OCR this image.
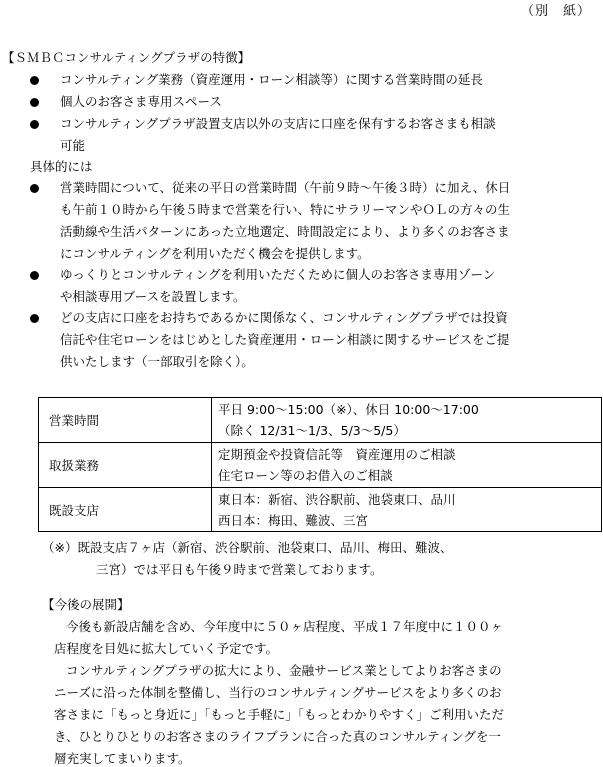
（別　紙）
【ＳＭＢＣコンサルティングプラザの特徴】
コンサルティング業務（資産運用・ローン相談等）に関する営業時間の延長
個人のお客さま専用スペース
コンサルティングプラザ設置支店以外の支店に口座を保有するお客さまも相談
可能
具体的には
営業時間について、従来の平日の営業時間（午前９時～午後３時）に加え、休日
も午前１０時から午後５時まで営業を行い、特にサラリーマンやＯＬの方々の生
活動線や生活パターンにあった立地選定、時間設定により、より多くのお客さま
にコンサルティングを利用いただく機会を提供します。
ゆっくりとコンサルティングを利用いただくために個人のお客さま専用ゾーン
や相談専用ブースを設置します。
どの支店に口座をお持ちであるかに関係なく、コンサルティングプラザでは投資
信託や住宅ローンをはじめとした資産運用・ローン相談に関するサービスをご提
供いたします（一部取引を除く）。
営業時間	平日 9:00～15:00（※）、休日 10:00～17:00
（除く 12/31～1/3、5/3～5/5）

取扱業務	定期預金や投資信託等　資産運用のご相談
住宅ローン等のお借入のご相談

既設支店	東日本：新宿、渋谷駅前、池袋東口、品川
西日本：梅田、難波、三宮
（※）既設支店７ヶ店（新宿、渋谷駅前、池袋東口、品川、梅田、難波、
三宮）では平日も午後９時まで営業しております。
【今後の展開】
今後も新設店舗を含め、今年度中に５０ヶ店程度、平成１７年度中に１００ヶ
店程度を目処に拡大していく予定です。
コンサルティングプラザの拡大により、金融サービス業としてよりお客さまの
ニーズに沿った体制を整備し、当行のコンサルティングサービスをより多くのお
客さまに「もっと身近に」「もっと手軽に」「もっとわかりやすく」ご利用いただ
き、ひとりひとりのお客さまのライフプランに合った真のコンサルティングを一
層充実してまいります。
